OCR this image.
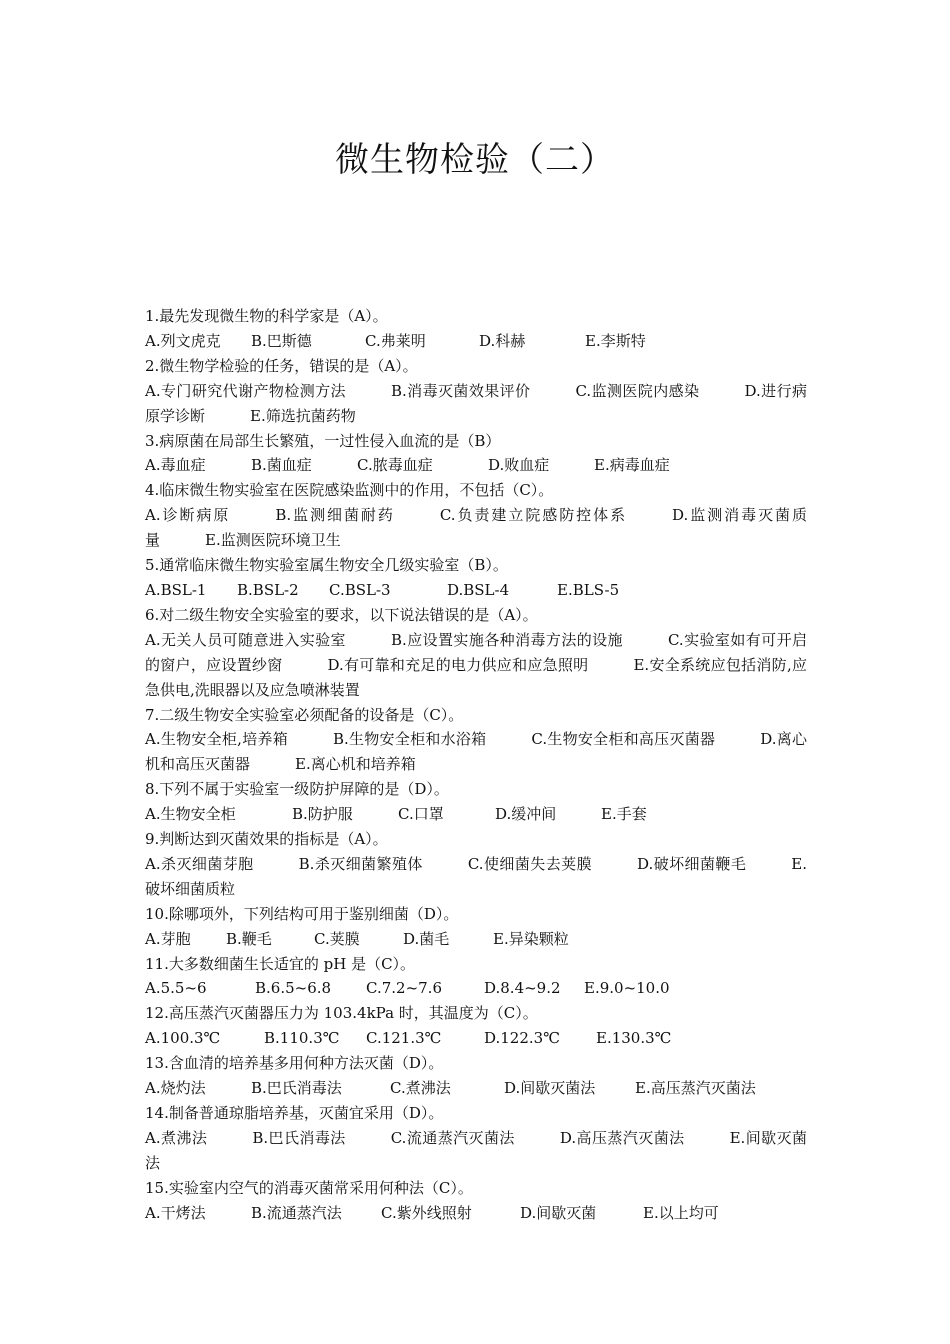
微生物检验（二）
1.最先发现微生物的科学家是（A）。
A.列文虎克 B.巴斯德	C.弗莱明	D.科赫	E.李斯特
2.微生物学检验的任务，错误的是（A）。
A.专门研究代谢产物检测方法   	B.消毒灭菌效果评价   	C.监测医院内感染   	D.进行病原学诊断   	E.筛选抗菌药物
3.病原菌在局部生长繁殖，一过性侵入血流的是（B）
A.毒血症	B.菌血症	C.脓毒血症	D.败血症	E.病毒血症
4.临床微生物实验室在医院感染监测中的作用，不包括（C）。
A.诊断病原   	B.监测细菌耐药   	C.负责建立院感防控体系   	D.监测消毒灭菌质量   	E.监测医院环境卫生
5.通常临床微生物实验室属生物安全几级实验室（B）。
A.BSL-1 B.BSL-2 C.BSL-3	D.BSL-4	E.BLS-5
6.对二级生物安全实验室的要求，以下说法错误的是（A）。
A.无关人员可随意进入实验室   	B.应设置实施各种消毒方法的设施   	C.实验室如有可开启的窗户，应设置纱窗   	D.有可靠和充足的电力供应和应急照明   	E.安全系统应包括消防,应急供电,洗眼器以及应急喷淋装置
7.二级生物安全实验室必须配备的设备是（C）。
A.生物安全柜,培养箱   	B.生物安全柜和水浴箱   	C.生物安全柜和高压灭菌器   	D.离心机和高压灭菌器   	E.离心机和培养箱
8.下列不属于实验室一级防护屏障的是（D）。
A.生物安全柜	B.防护服	C.口罩	D.缓冲间	E.手套
9.判断达到灭菌效果的指标是（A）。
A.杀灭细菌芽胞   	B.杀灭细菌繁殖体   	C.使细菌失去荚膜   	D.破坏细菌鞭毛   	E.破坏细菌质粒
10.除哪项外，下列结构可用于鉴别细菌（D）。
A.芽胞 B.鞭毛	C.荚膜	D.菌毛	E.异染颗粒
11.大多数细菌生长适宜的 pH 是（C）。
A.5.5~6	B.6.5~6.8 C.7.2~7.6	D.8.4~9.2 E.9.0~10.0
12.高压蒸汽灭菌器压力为 103.4kPa 时，其温度为（C）。
A.100.3℃	B.110.3℃ C.121.3℃	D.122.3℃ E.130.3℃
13.含血清的培养基多用何种方法灭菌（D）。
A.烧灼法	B.巴氏消毒法	C.煮沸法	D.间歇灭菌法	E.高压蒸汽灭菌法
14.制备普通琼脂培养基，灭菌宜采用（D）。
A.煮沸法   	B.巴氏消毒法   	C.流通蒸汽灭菌法   	D.高压蒸汽灭菌法   	E.间歇灭菌法
15.实验室内空气的消毒灭菌常采用何种法（C）。
A.干烤法	B.流通蒸汽法	C.紫外线照射	D.间歇灭菌	E.以上均可
